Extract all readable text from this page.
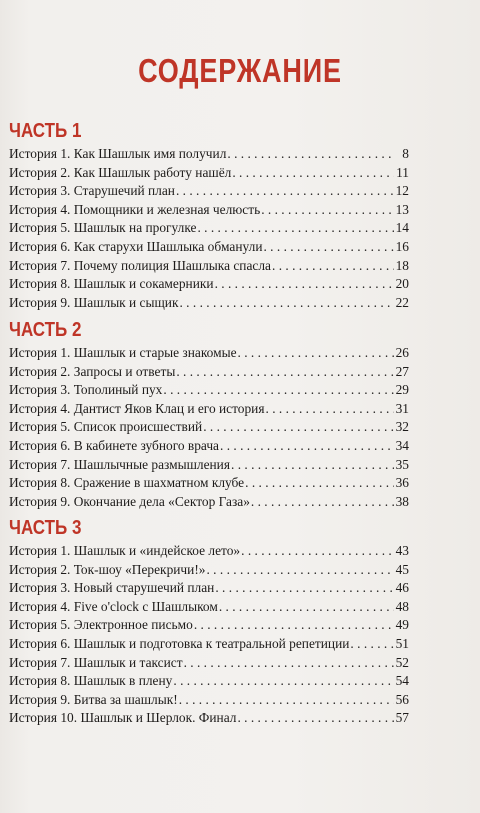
СОДЕРЖАНИЕ
ЧАСТЬ 1
История 1. Как Шашлык имя получил . . .	8
История 2. Как Шашлык работу нашёл . . .	11
История 3. Старушечий план . . .	12
История 4. Помощники и железная челюсть . . .	13
История 5. Шашлык на прогулке . . .	14
История 6. Как старухи Шашлыка обманули . . .	16
История 7. Почему полиция Шашлыка спасла . . .	18
История 8. Шашлык и сокамерники . . .	20
История 9. Шашлык и сыщик . . .	22
ЧАСТЬ 2
История 1. Шашлык и старые знакомые . . .	26
История 2. Запросы и ответы . . .	27
История 3. Тополиный пух . . .	29
История 4. Дантист Яков Клац и его история . . .	31
История 5. Список происшествий . . .	32
История 6. В кабинете зубного врача . . .	34
История 7. Шашлычные размышления . . .	35
История 8. Сражение в шахматном клубе . . .	36
История 9. Окончание дела «Сектор Газа» . . .	38
ЧАСТЬ 3
История 1. Шашлык и «индейское лето» . . .	43
История 2. Ток-шоу «Перекричи!» . . .	45
История 3. Новый старушечий план . . .	46
История 4. Five o'clock с Шашлыком . . .	48
История 5. Электронное письмо . . .	49
История 6. Шашлык и подготовка к театральной репетиции . . .	51
История 7. Шашлык и таксист . . .	52
История 8. Шашлык в плену . . .	54
История 9. Битва за шашлык! . . .	56
История 10. Шашлык и Шерлок. Финал . . .	57
